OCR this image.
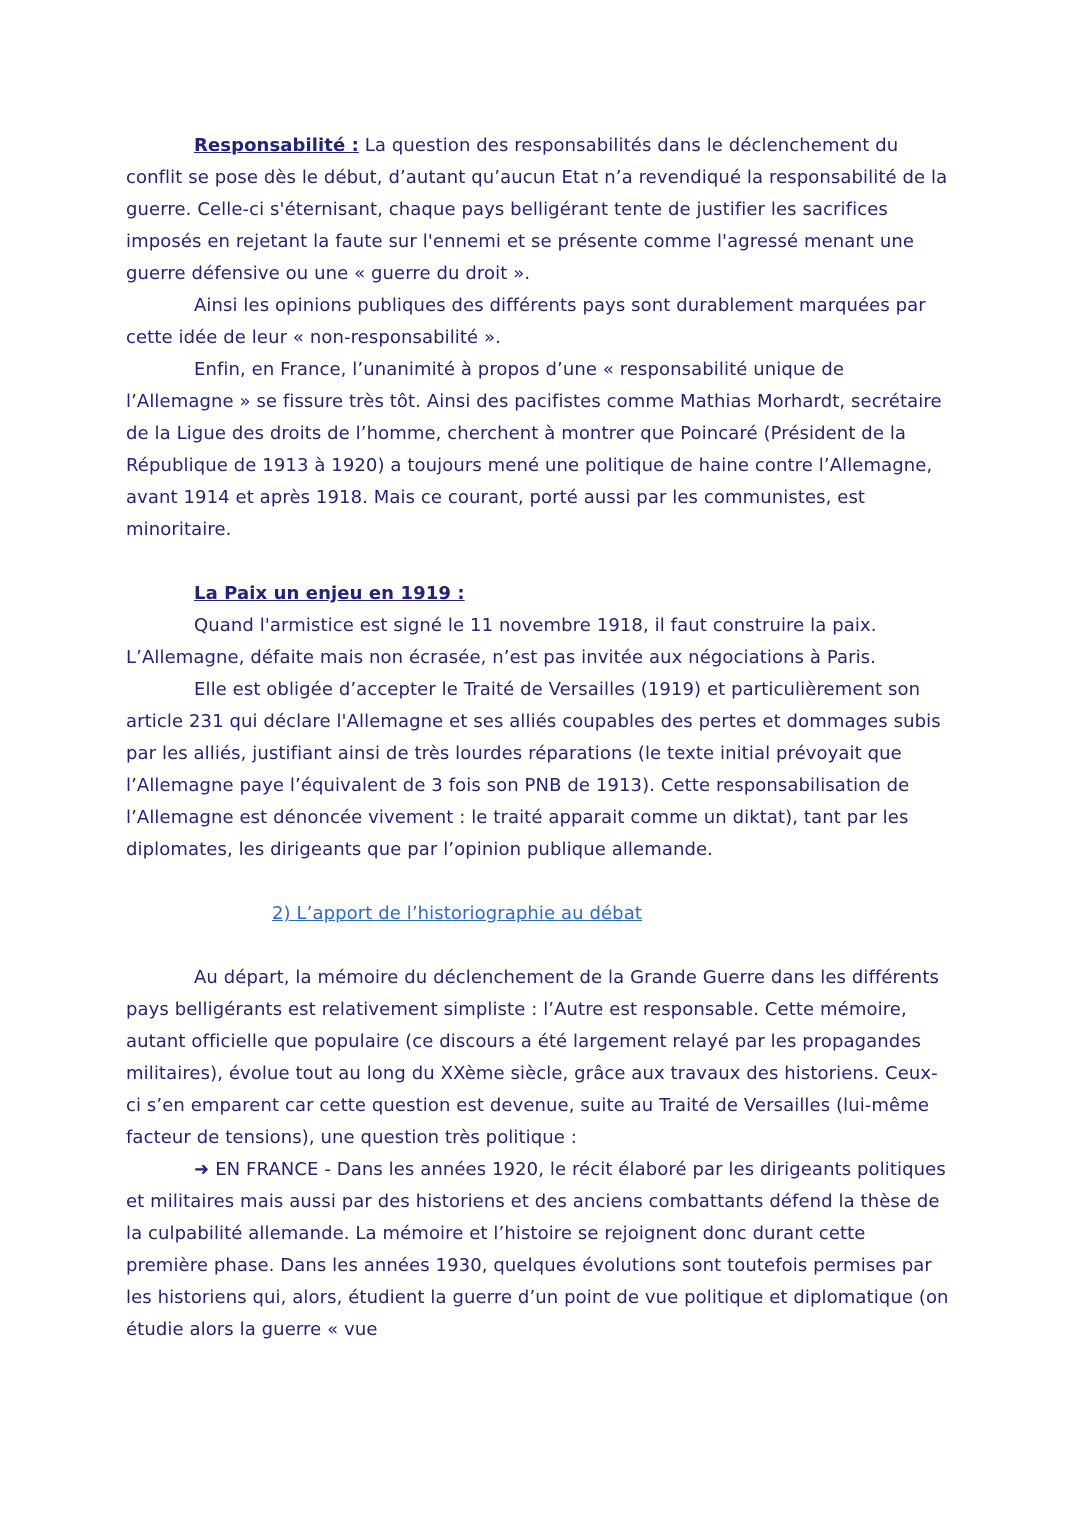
Responsabilité : La question des responsabilités dans le déclenchement du conflit se pose dès le début, d’autant qu’aucun Etat n’a revendiqué la responsabilité de la guerre. Celle-ci s'éternisant, chaque pays belligérant tente de justifier les sacrifices imposés en rejetant la faute sur l'ennemi et se présente comme l'agressé menant une guerre défensive ou une « guerre du droit ».

Ainsi les opinions publiques des différents pays sont durablement marquées par cette idée de leur « non-responsabilité ».

Enfin, en France, l’unanimité à propos d’une « responsabilité unique de l’Allemagne » se fissure très tôt. Ainsi des pacifistes comme Mathias Morhardt, secrétaire de la Ligue des droits de l’homme, cherchent à montrer que Poincaré (Président de la République de 1913 à 1920) a toujours mené une politique de haine contre l’Allemagne, avant 1914 et après 1918. Mais ce courant, porté aussi par les communistes, est minoritaire.

La Paix un enjeu en 1919 :

Quand l'armistice est signé le 11 novembre 1918, il faut construire la paix. L’Allemagne, défaite mais non écrasée, n’est pas invitée aux négociations à Paris.

Elle est obligée d’accepter le Traité de Versailles (1919) et particulièrement son article 231 qui déclare l'Allemagne et ses alliés coupables des pertes et dommages subis par les alliés, justifiant ainsi de très lourdes réparations (le texte initial prévoyait que l’Allemagne paye l’équivalent de 3 fois son PNB de 1913). Cette responsabilisation de l’Allemagne est dénoncée vivement : le traité apparait comme un diktat), tant par les diplomates, les dirigeants que par l’opinion publique allemande.

2) L’apport de l’historiographie au débat

Au départ, la mémoire du déclenchement de la Grande Guerre dans les différents pays belligérants est relativement simpliste : l’Autre est responsable. Cette mémoire, autant officielle que populaire (ce discours a été largement relayé par les propagandes militaires), évolue tout au long du XXème siècle, grâce aux travaux des historiens. Ceux-ci s’en emparent car cette question est devenue, suite au Traité de Versailles (lui-même facteur de tensions), une question très politique :

➜ EN FRANCE - Dans les années 1920, le récit élaboré par les dirigeants politiques et militaires mais aussi par des historiens et des anciens combattants défend la thèse de la culpabilité allemande. La mémoire et l’histoire se rejoignent donc durant cette première phase. Dans les années 1930, quelques évolutions sont toutefois permises par les historiens qui, alors, étudient la guerre d’un point de vue politique et diplomatique (on étudie alors la guerre « vue
